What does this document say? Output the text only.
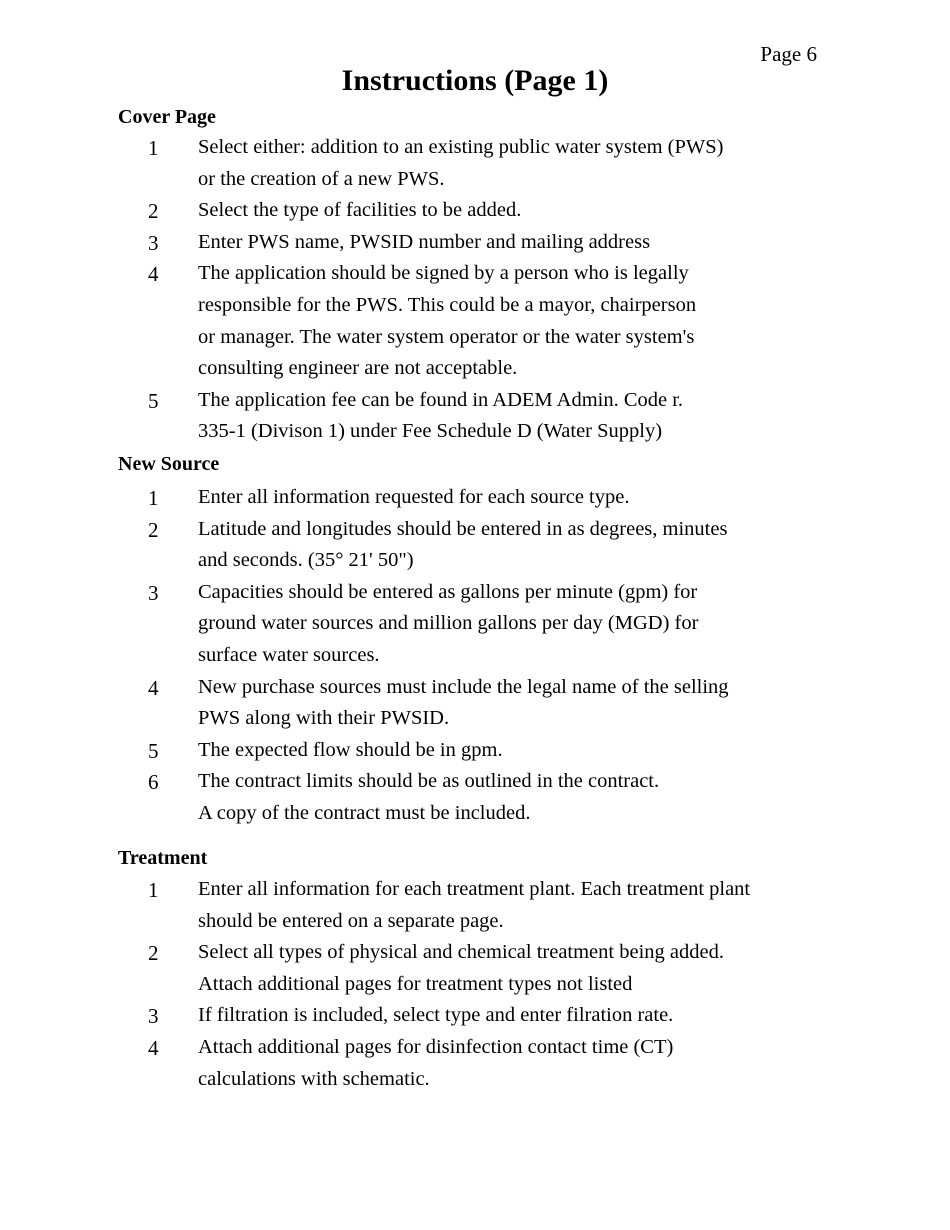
Page 6
Instructions (Page 1)
Cover Page
1 Select either: addition to an existing public water system (PWS)
or the creation of a new PWS.
2 Select the type of facilities to be added.
3 Enter PWS name, PWSID number and mailing address
4 The application should be signed by a person who is legally
responsible for the PWS. This could be a mayor, chairperson
or manager. The water system operator or the water system's
consulting engineer are not acceptable.
5 The application fee can be found in ADEM Admin. Code r.
335-1 (Divison 1) under Fee Schedule D (Water Supply)
New Source
1 Enter all information requested for each source type.
2 Latitude and longitudes should be entered in as degrees, minutes
and seconds. (35° 21' 50")
3 Capacities should be entered as gallons per minute (gpm) for
ground water sources and million gallons per day (MGD) for
surface water sources.
4 New purchase sources must include the legal name of the selling
PWS along with their PWSID.
5 The expected flow should be in gpm.
6 The contract limits should be as outlined in the contract.
A copy of the contract must be included.
Treatment
1 Enter all information for each treatment plant. Each treatment plant
should be entered on a separate page.
2 Select all types of physical and chemical treatment being added.
Attach additional pages for treatment types not listed
3 If filtration is included, select type and enter filration rate.
4 Attach additional pages for disinfection contact time (CT)
calculations with schematic.
